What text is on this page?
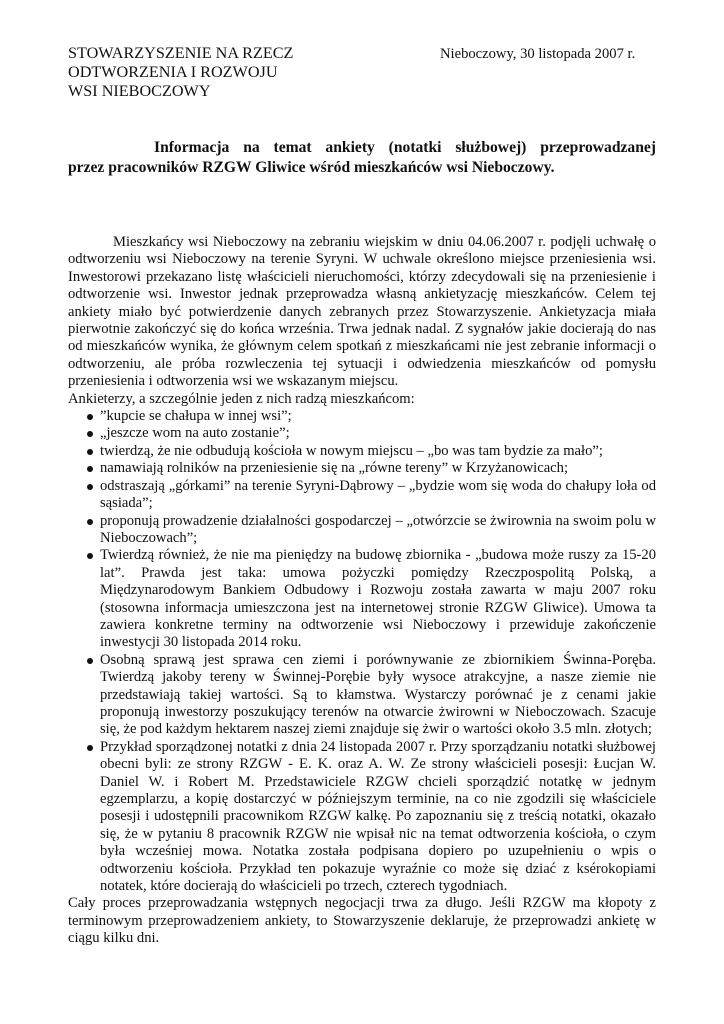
STOWARZYSZENIE NA RZECZ
ODTWORZENIA I ROZWOJU
WSI NIEBOCZOWY
Nieboczowy, 30 listopada 2007 r.
Informacja na temat ankiety (notatki służbowej) przeprowadzanej
przez pracowników RZGW Gliwice wśród mieszkańców wsi Nieboczowy.

Mieszkańcy wsi Nieboczowy na zebraniu wiejskim w dniu 04.06.2007 r. podjęli uchwałę o odtworzeniu wsi Nieboczowy na terenie Syryni. W uchwale określono miejsce przeniesienia wsi. Inwestorowi przekazano listę właścicieli nieruchomości, którzy zdecydowali się na przeniesienie i odtworzenie wsi. Inwestor jednak przeprowadza własną ankietyzację mieszkańców. Celem tej ankiety miało być potwierdzenie danych zebranych przez Stowarzyszenie. Ankietyzacja miała pierwotnie zakończyć się do końca września. Trwa jednak nadal. Z sygnałów jakie docierają do nas od mieszkańców wynika, że głównym celem spotkań z mieszkańcami nie jest zebranie informacji o odtworzeniu, ale próba rozwleczenia tej sytuacji i odwiedzenia mieszkańców od pomysłu przeniesienia i odtworzenia wsi we wskazanym miejscu.

Ankieterzy, a szczególnie jeden z nich radzą mieszkańcom:

”kupcie se chałupa w innej wsi”;
„jeszcze wom na auto zostanie”;
twierdzą, że nie odbudują kościoła w nowym miejscu – „bo was tam bydzie za mało”;
namawiają rolników na przeniesienie się na „równe tereny” w Krzyżanowicach;
odstraszają „górkami” na terenie Syryni-Dąbrowy – „bydzie wom się woda do chałupy loła od sąsiada”;
proponują prowadzenie działalności gospodarczej – „otwórzcie se żwirownia na swoim polu w Nieboczowach”;
Twierdzą również, że nie ma pieniędzy na budowę zbiornika - „budowa może ruszy za 15-20 lat”. Prawda jest taka: umowa pożyczki pomiędzy Rzeczpospolitą Polską, a Międzynarodowym Bankiem Odbudowy i Rozwoju została zawarta w maju 2007 roku (stosowna informacja umieszczona jest na internetowej stronie RZGW Gliwice). Umowa ta zawiera konkretne terminy na odtworzenie wsi Nieboczowy i przewiduje zakończenie inwestycji 30 listopada 2014 roku.
Osobną sprawą jest sprawa cen ziemi i porównywanie ze zbiornikiem Świnna-Poręba. Twierdzą jakoby tereny w Świnnej-Porębie były wysoce atrakcyjne, a nasze ziemie nie przedstawiają takiej wartości. Są to kłamstwa. Wystarczy porównać je z cenami jakie proponują inwestorzy poszukujący terenów na otwarcie żwirowni w Nieboczowach. Szacuje się, że pod każdym hektarem naszej ziemi znajduje się żwir o wartości około 3.5 mln. złotych;
Przykład sporządzonej notatki z dnia 24 listopada 2007 r. Przy sporządzaniu notatki służbowej obecni byli: ze strony RZGW - E. K. oraz A. W. Ze strony właścicieli posesji: Łucjan W. Daniel W. i Robert M. Przedstawiciele RZGW chcieli sporządzić notatkę w jednym egzemplarzu, a kopię dostarczyć w późniejszym terminie, na co nie zgodzili się właściciele posesji i udostępnili pracownikom RZGW kalkę. Po zapoznaniu się z treścią notatki, okazało się, że w pytaniu 8 pracownik RZGW nie wpisał nic na temat odtworzenia kościoła, o czym była wcześniej mowa. Notatka została podpisana dopiero po uzupełnieniu o wpis o odtworzeniu kościoła. Przykład ten pokazuje wyraźnie co może się dziać z ksérokopiami notatek, które docierają do właścicieli po trzech, czterech tygodniach.

Cały proces przeprowadzania wstępnych negocjacji trwa za długo. Jeśli RZGW ma kłopoty z terminowym przeprowadzeniem ankiety, to Stowarzyszenie deklaruje, że przeprowadzi ankietę w ciągu kilku dni.
